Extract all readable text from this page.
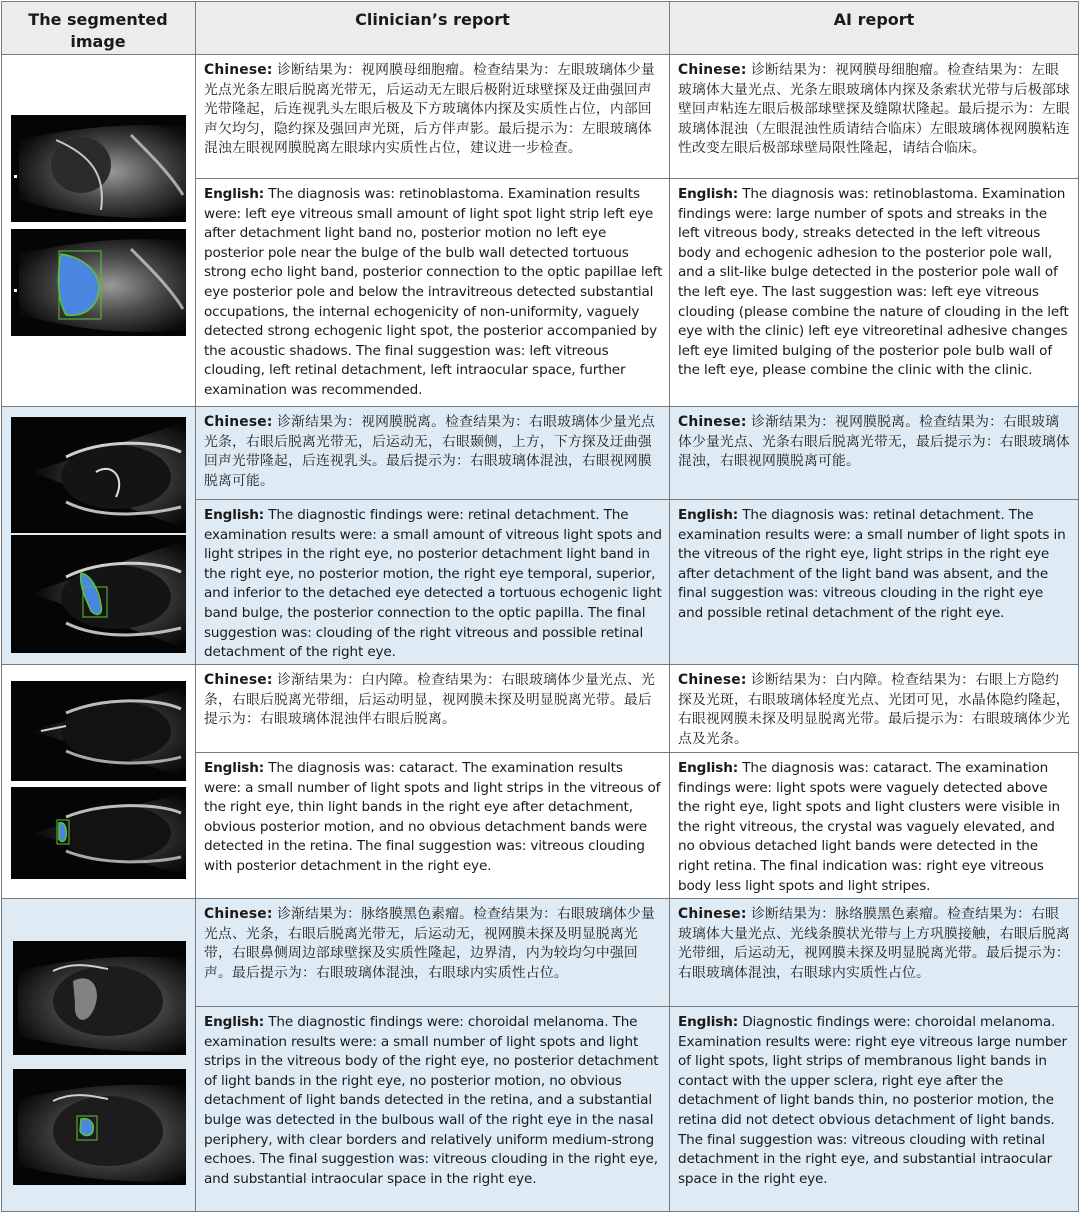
The segmented image
Clinician’s report	AI report
Chinese: 诊断结果为：视网膜母细胞瘤。检查结果为：左眼玻璃体少量光点光条左眼后脱离光带无，后运动无左眼后极附近球壁探及迂曲强回声光带隆起，后连视乳头左眼后极及下方玻璃体内探及实质性占位，内部回声欠均匀，隐约探及强回声光斑，后方伴声影。最后提示为：左眼玻璃体混浊左眼视网膜脱离左眼球内实质性占位，建议进一步检查。
Chinese: 诊断结果为：视网膜母细胞瘤。检查结果为：左眼玻璃体大量光点、光条左眼玻璃体内探及条索状光带与后极部球壁回声粘连左眼后极部球壁探及缝隙状隆起。最后提示为：左眼玻璃体混浊（左眼混浊性质请结合临床）左眼玻璃体视网膜粘连性改变左眼后极部球壁局限性隆起，请结合临床。
English: The diagnosis was: retinoblastoma. Examination results were: left eye vitreous small amount of light spot light strip left eye after detachment light band no, posterior motion no left eye posterior pole near the bulge of the bulb wall detected tortuous strong echo light band, posterior connection to the optic papillae left eye posterior pole and below the intravitreous detected substantial occupations, the internal echogenicity of non-uniformity, vaguely detected strong echogenic light spot, the posterior accompanied by the acoustic shadows. The final suggestion was: left vitreous clouding, left retinal detachment, left intraocular space, further examination was recommended.
English: The diagnosis was: retinoblastoma. Examination findings were: large number of spots and streaks in the left vitreous body, streaks detected in the left vitreous body and echogenic adhesion to the posterior pole wall, and a slit-like bulge detected in the posterior pole wall of the left eye. The last suggestion was: left eye vitreous clouding (please combine the nature of clouding in the left eye with the clinic) left eye vitreoretinal adhesive changes left eye limited bulging of the posterior pole bulb wall of the left eye, please combine the clinic with the clinic.
Chinese: 诊渐结果为：视网膜脱离。检查结果为：右眼玻璃体少量光点光条，右眼后脱离光带无，后运动无，右眼颞侧，上方，下方探及迂曲强回声光带隆起，后连视乳头。最后提示为：右眼玻璃体混浊，右眼视网膜脱离可能。
Chinese: 诊渐结果为：视网膜脱离。检查结果为：右眼玻璃体少量光点、光条右眼后脱离光带无，最后提示为：右眼玻璃体混浊，右眼视网膜脱离可能。
English: The diagnostic findings were: retinal detachment. The examination results were: a small amount of vitreous light spots and light stripes in the right eye, no posterior detachment light band in the right eye, no posterior motion, the right eye temporal, superior, and inferior to the detached eye detected a tortuous echogenic light band bulge, the posterior connection to the optic papilla. The final suggestion was: clouding of the right vitreous and possible retinal detachment of the right eye.
English: The diagnosis was: retinal detachment. The examination results were: a small number of light spots in the vitreous of the right eye, light strips in the right eye after detachment of the light band was absent, and the final suggestion was: vitreous clouding in the right eye and possible retinal detachment of the right eye.
Chinese: 诊渐结果为：白内障。检查结果为：右眼玻璃体少量光点、光条，右眼后脱离光带细，后运动明显，视网膜未探及明显脱离光带。最后提示为：右眼玻璃体混浊伴右眼后脱离。
Chinese: 诊断结果为：白内障。检查结果为：右眼上方隐约探及光斑，右眼玻璃体轻度光点、光团可见，水晶体隐约隆起，右眼视网膜未探及明显脱离光带。最后提示为：右眼玻璃体少光点及光条。
English: The diagnosis was: cataract. The examination results were: a small number of light spots and light strips in the vitreous of the right eye, thin light bands in the right eye after detachment, obvious posterior motion, and no obvious detachment bands were detected in the retina. The final suggestion was: vitreous clouding with posterior detachment in the right eye.
English: The diagnosis was: cataract. The examination findings were: light spots were vaguely detected above the right eye, light spots and light clusters were visible in the right vitreous, the crystal was vaguely elevated, and no obvious detached light bands were detected in the right retina. The final indication was: right eye vitreous body less light spots and light stripes.
Chinese: 诊渐结果为：脉络膜黑色素瘤。检查结果为：右眼玻璃体少量光点、光条，右眼后脱离光带无，后运动无，视网膜未探及明显脱离光带，右眼鼻侧周边部球壁探及实质性隆起，边界清，内为较均匀中强回声。最后提示为：右眼玻璃体混浊，右眼球内实质性占位。
Chinese: 诊断结果为：脉络膜黑色素瘤。检查结果为：右眼玻璃体大量光点、光线条膜状光带与上方巩膜接触，右眼后脱离光带细，后运动无，视网膜未探及明显脱离光带。最后提示为：右眼玻璃体混浊，右眼球内实质性占位。
English: The diagnostic findings were: choroidal melanoma. The examination results were: a small number of light spots and light strips in the vitreous body of the right eye, no posterior detachment of light bands in the right eye, no posterior motion, no obvious detachment of light bands detected in the retina, and a substantial bulge was detected in the bulbous wall of the right eye in the nasal periphery, with clear borders and relatively uniform medium-strong echoes. The final suggestion was: vitreous clouding in the right eye, and substantial intraocular space in the right eye.
English: Diagnostic findings were: choroidal melanoma. Examination results were: right eye vitreous large number of light spots, light strips of membranous light bands in contact with the upper sclera, right eye after the detachment of light bands thin, no posterior motion, the retina did not detect obvious detachment of light bands. The final suggestion was: vitreous clouding with retinal detachment in the right eye, and substantial intraocular space in the right eye.
